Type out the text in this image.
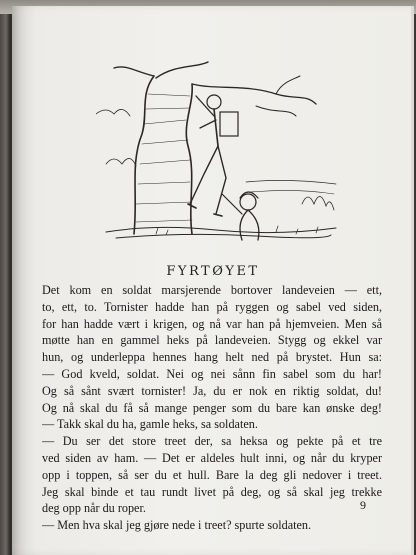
FYRTØYET
Det kom en soldat marsjerende bortover landeveien — ett,
to, ett, to. Tornister hadde han på ryggen og sabel ved siden,
for han hadde vært i krigen, og nå var han på hjemveien. Men så
møtte han en gammel heks på landeveien. Stygg og ekkel var
hun, og underleppa hennes hang helt ned på brystet. Hun sa:
— God kveld, soldat. Nei og nei sånn fin sabel som du har!
Og så sånt svært tornister! Ja, du er nok en riktig soldat, du!
Og nå skal du få så mange penger som du bare kan ønske deg!
— Takk skal du ha, gamle heks, sa soldaten.
— Du ser det store treet der, sa heksa og pekte på et tre
ved siden av ham. — Det er aldeles hult inni, og når du kryper
opp i toppen, så ser du et hull. Bare la deg gli nedover i treet.
Jeg skal binde et tau rundt livet på deg, og så skal jeg trekke
deg opp når du roper.
— Men hva skal jeg gjøre nede i treet? spurte soldaten.
9
